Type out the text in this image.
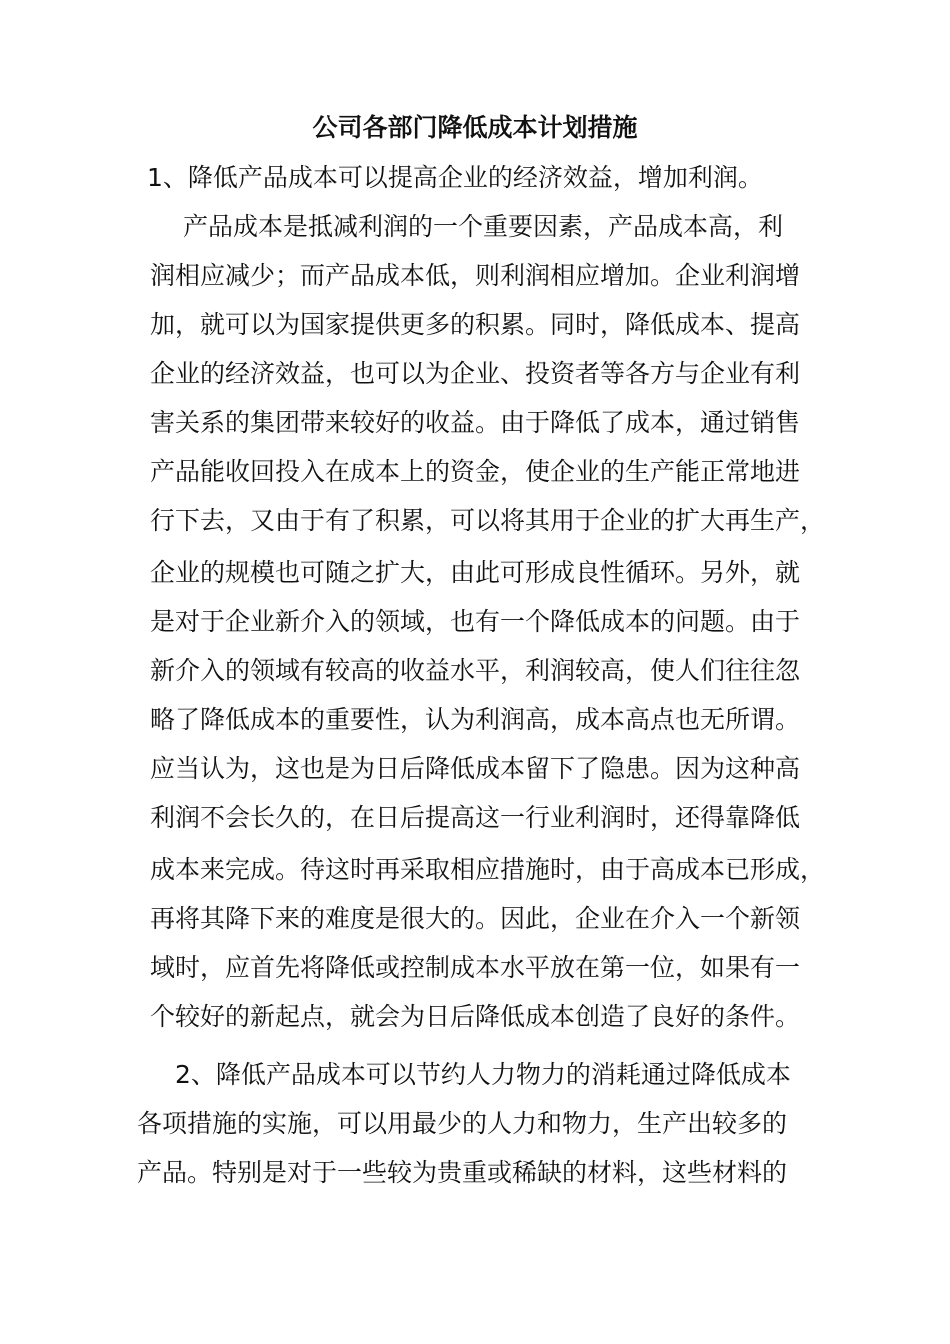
公司各部门降低成本计划措施
1、降低产品成本可以提高企业的经济效益，增加利润。
产品成本是抵减利润的一个重要因素，产品成本高，利
润相应减少；而产品成本低，则利润相应增加。企业利润增
加，就可以为国家提供更多的积累。同时，降低成本、提高
企业的经济效益，也可以为企业、投资者等各方与企业有利
害关系的集团带来较好的收益。由于降低了成本，通过销售
产品能收回投入在成本上的资金，使企业的生产能正常地进
行下去，又由于有了积累，可以将其用于企业的扩大再生产，
企业的规模也可随之扩大，由此可形成良性循环。另外，就
是对于企业新介入的领域，也有一个降低成本的问题。由于
新介入的领域有较高的收益水平，利润较高，使人们往往忽
略了降低成本的重要性，认为利润高，成本高点也无所谓。
应当认为，这也是为日后降低成本留下了隐患。因为这种高
利润不会长久的，在日后提高这一行业利润时，还得靠降低
成本来完成。待这时再采取相应措施时，由于高成本已形成，
再将其降下来的难度是很大的。因此，企业在介入一个新领
域时，应首先将降低或控制成本水平放在第一位，如果有一
个较好的新起点，就会为日后降低成本创造了良好的条件。
2、降低产品成本可以节约人力物力的消耗通过降低成本
各项措施的实施，可以用最少的人力和物力，生产出较多的
产品。特别是对于一些较为贵重或稀缺的材料，这些材料的
